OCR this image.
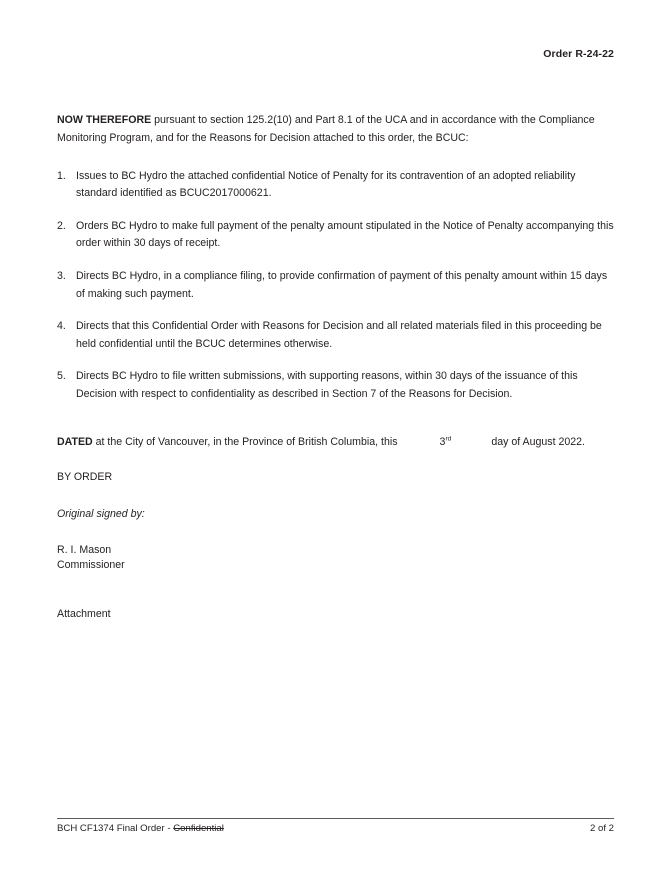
Order R-24-22

NOW THEREFORE pursuant to section 125.2(10) and Part 8.1 of the UCA and in accordance with the Compliance Monitoring Program, and for the Reasons for Decision attached to this order, the BCUC:

1. Issues to BC Hydro the attached confidential Notice of Penalty for its contravention of an adopted reliability standard identified as BCUC2017000621.
2. Orders BC Hydro to make full payment of the penalty amount stipulated in the Notice of Penalty accompanying this order within 30 days of receipt.
3. Directs BC Hydro, in a compliance filing, to provide confirmation of payment of this penalty amount within 15 days of making such payment.
4. Directs that this Confidential Order with Reasons for Decision and all related materials filed in this proceeding be held confidential until the BCUC determines otherwise.
5. Directs BC Hydro to file written submissions, with supporting reasons, within 30 days of the issuance of this Decision with respect to confidentiality as described in Section 7 of the Reasons for Decision.

DATED at the City of Vancouver, in the Province of British Columbia, this	3rd	day of August 2022.

BY ORDER

Original signed by:

R. I. Mason
Commissioner

Attachment

BCH CF1374 Final Order - Confidential	2 of 2
